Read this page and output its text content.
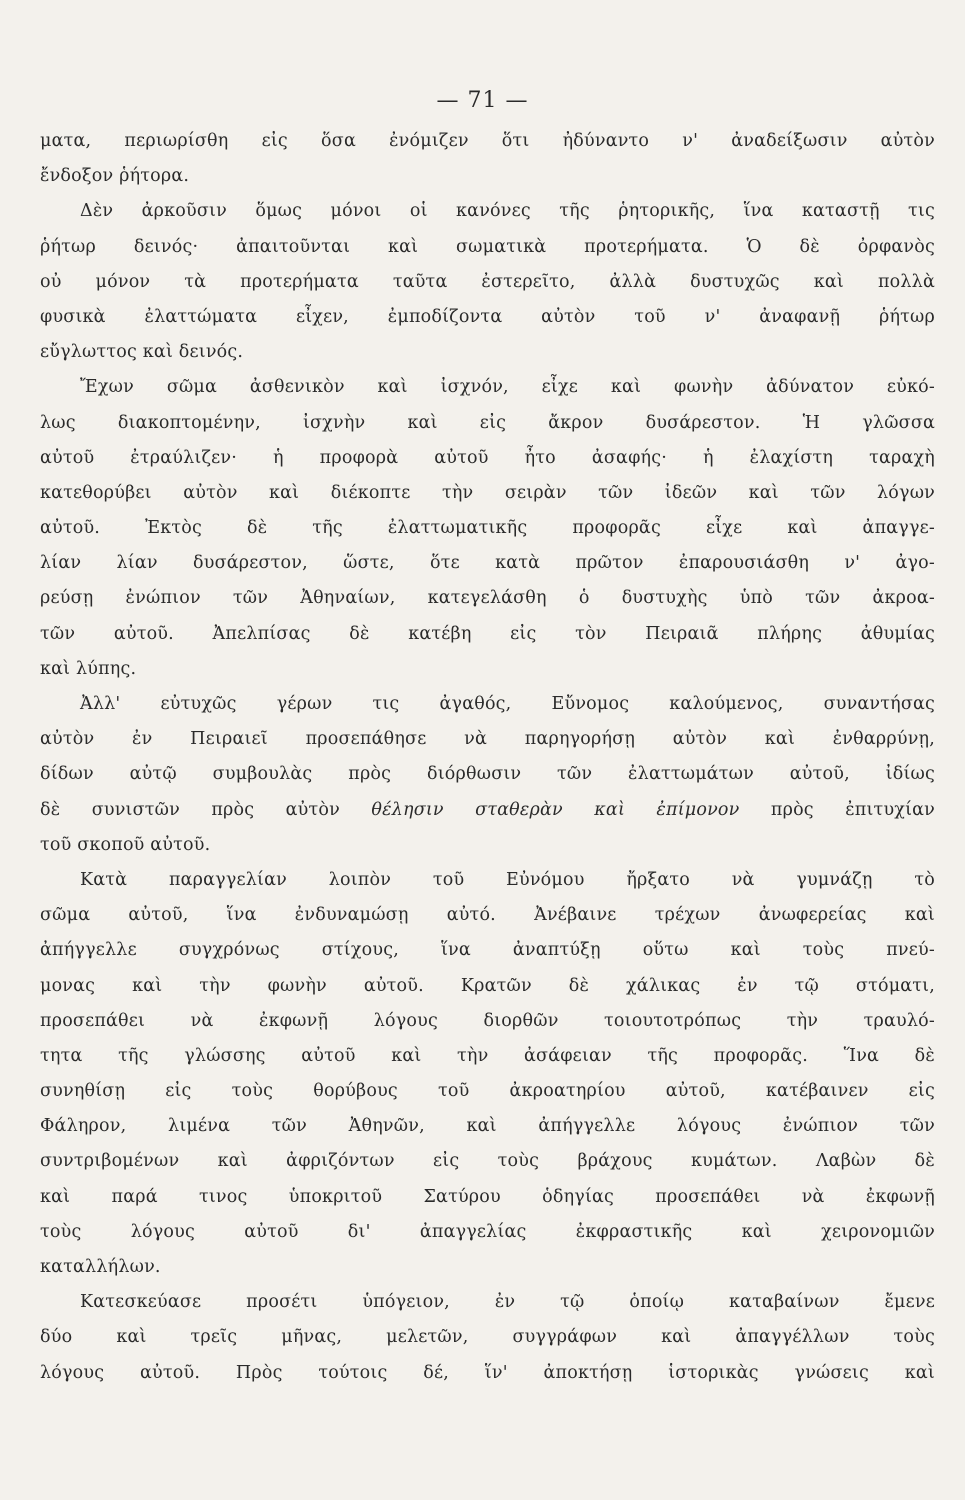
— 71 —
ματα, περιωρίσθη εἰς ὅσα ἐνόμιζεν ὅτι ἠδύναντο ν' ἀναδείξωσιν αὐτὸν
ἔνδοξον ῥήτορα.
Δὲν ἀρκοῦσιν ὅμως μόνοι οἱ κανόνες τῆς ῥητορικῆς, ἵνα καταστῇ τις
ῥήτωρ δεινός· ἀπαιτοῦνται καὶ σωματικὰ προτερήματα. Ὁ δὲ ὀρφανὸς
οὐ μόνον τὰ προτερήματα ταῦτα ἐστερεῖτο, ἀλλὰ δυστυχῶς καὶ πολλὰ
φυσικὰ ἐλαττώματα εἶχεν, ἐμποδίζοντα αὐτὸν τοῦ ν' ἀναφανῇ ῥήτωρ
εὔγλωττος καὶ δεινός.
Ἔχων σῶμα ἀσθενικὸν καὶ ἰσχνόν, εἶχε καὶ φωνὴν ἀδύνατον εὐκό-
λως διακοπτομένην, ἰσχνὴν καὶ εἰς ἄκρον δυσάρεστον. Ἡ γλῶσσα
αὐτοῦ ἐτραύλιζεν· ἡ προφορὰ αὐτοῦ ἦτο ἀσαφής· ἡ ἐλαχίστη ταραχὴ
κατεθορύβει αὐτὸν καὶ διέκοπτε τὴν σειρὰν τῶν ἰδεῶν καὶ τῶν λόγων
αὐτοῦ. Ἐκτὸς δὲ τῆς ἐλαττωματικῆς προφορᾶς εἶχε καὶ ἀπαγγε-
λίαν λίαν δυσάρεστον, ὥστε, ὅτε κατὰ πρῶτον ἐπαρουσιάσθη ν' ἀγο-
ρεύσῃ ἐνώπιον τῶν Ἀθηναίων, κατεγελάσθη ὁ δυστυχὴς ὑπὸ τῶν ἀκροα-
τῶν αὐτοῦ. Ἀπελπίσας δὲ κατέβη εἰς τὸν Πειραιᾶ πλήρης ἀθυμίας
καὶ λύπης.
Ἀλλ' εὐτυχῶς γέρων τις ἀγαθός, Εὔνομος καλούμενος, συναντήσας
αὐτὸν ἐν Πειραιεῖ προσεπάθησε νὰ παρηγορήσῃ αὐτὸν καὶ ἐνθαρρύνῃ,
δίδων αὐτῷ συμβουλὰς πρὸς διόρθωσιν τῶν ἐλαττωμάτων αὐτοῦ, ἰδίως
δὲ συνιστῶν πρὸς αὐτὸν θέλησιν σταθερὰν καὶ ἐπίμονον πρὸς ἐπιτυχίαν
τοῦ σκοποῦ αὐτοῦ.
Κατὰ παραγγελίαν λοιπὸν τοῦ Εὐνόμου ἤρξατο νὰ γυμνάζῃ τὸ
σῶμα αὐτοῦ, ἵνα ἐνδυναμώσῃ αὐτό. Ἀνέβαινε τρέχων ἀνωφερείας καὶ
ἀπήγγελλε συγχρόνως στίχους, ἵνα ἀναπτύξῃ οὕτω καὶ τοὺς πνεύ-
μονας καὶ τὴν φωνὴν αὐτοῦ. Κρατῶν δὲ χάλικας ἐν τῷ στόματι,
προσεπάθει νὰ ἐκφωνῇ λόγους διορθῶν τοιουτοτρόπως τὴν τραυλό-
τητα τῆς γλώσσης αὐτοῦ καὶ τὴν ἀσάφειαν τῆς προφορᾶς. Ἵνα δὲ
συνηθίσῃ εἰς τοὺς θορύβους τοῦ ἀκροατηρίου αὐτοῦ, κατέβαινεν εἰς
Φάληρον, λιμένα τῶν Ἀθηνῶν, καὶ ἀπήγγελλε λόγους ἐνώπιον τῶν
συντριβομένων καὶ ἀφριζόντων εἰς τοὺς βράχους κυμάτων. Λαβὼν δὲ
καὶ παρά τινος ὑποκριτοῦ Σατύρου ὁδηγίας προσεπάθει νὰ ἐκφωνῇ
τοὺς λόγους αὐτοῦ δι' ἀπαγγελίας ἐκφραστικῆς καὶ χειρονομιῶν
καταλλήλων.
Κατεσκεύασε προσέτι ὑπόγειον, ἐν τῷ ὁποίῳ καταβαίνων ἔμενε
δύο καὶ τρεῖς μῆνας, μελετῶν, συγγράφων καὶ ἀπαγγέλλων τοὺς
λόγους αὐτοῦ. Πρὸς τούτοις δέ, ἵν' ἀποκτήσῃ ἱστορικὰς γνώσεις καὶ
